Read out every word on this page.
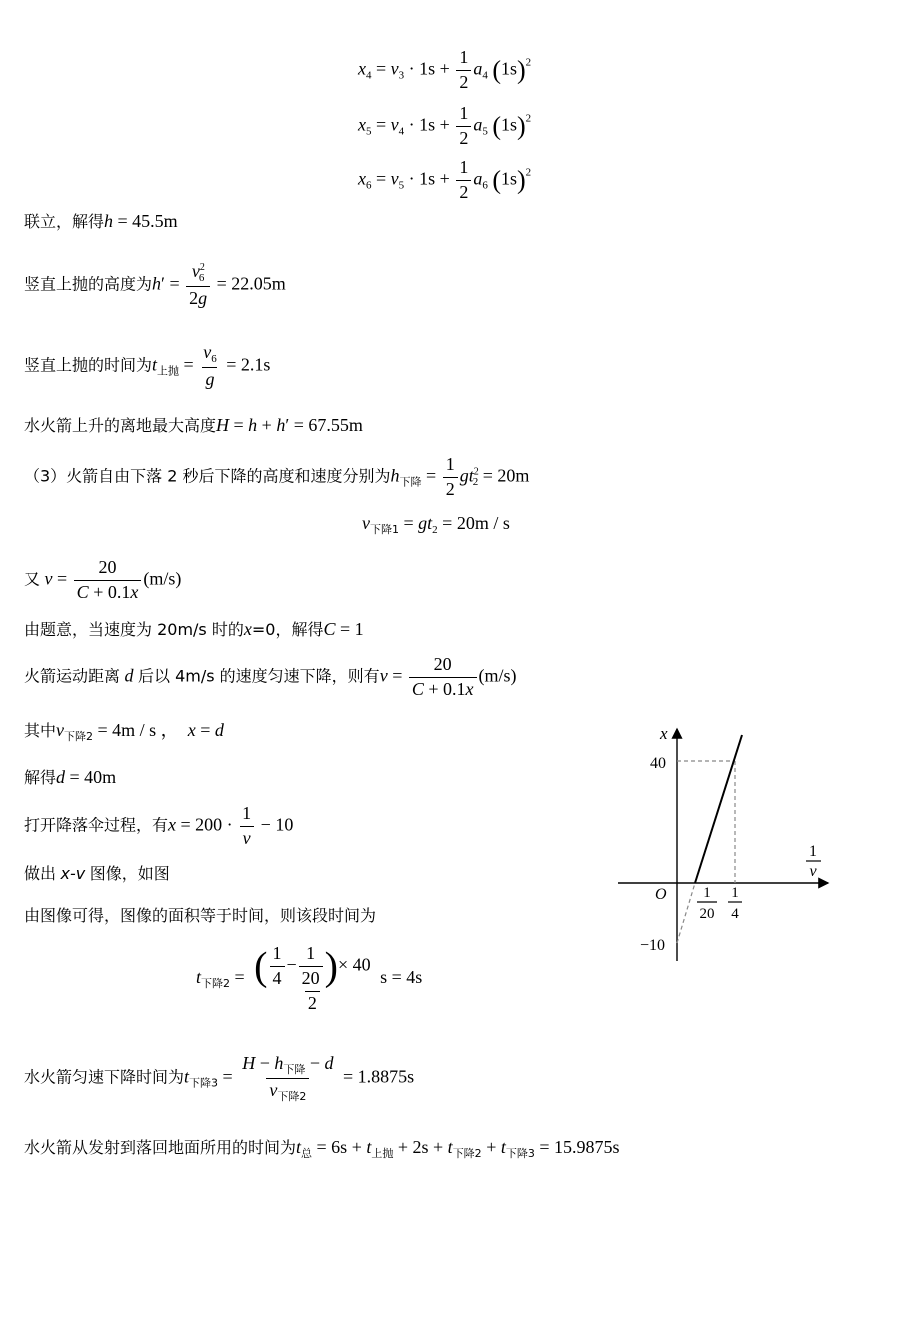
$x_4 = v_3 \cdot 1s + \frac{1}{2} a_4$ $(1s)^2$
$x_5 = v_4 \cdot 1s + \frac{1}{2} a_5$ $(1s)^2$
$x_6 = v_5 \cdot 1s + \frac{1}{2} a_6$ $(1s)^2$
联立，解得h = 45.5m
竖直上抛的高度为$h' = \frac{v^2_6}{2g} = 22.05m$
竖直上抛的时间为$t_{上抛} = \frac{v_6}{g} = 2.1s$
水火箭上升的离地最大高度H = h + h′ = 67.55m
（3）火箭自由下落 2 秒后下降的高度和速度分别为$h_{下降} = \frac{1}{2} gt^2_2 = 20m$
$v_{下降1} = gt_2 = 20m / s$
又 $v = \frac{20}{C + 0.1x} (m/s)$
由题意，当速度为 20m/s 时的x=0，解得C = 1
火箭运动距离 d 后以 4m/s 的速度匀速下降，则有$v = \frac{20}{C + 0.1x} (m/s)$
其中$v_{下降2} = 4m / s$ ， x = d
解得d = 40m
打开降落伞过程，有$x = 200 \cdot \frac{1}{v} - 10$
做出 x-v 图像，如图
由图像可得，图像的面积等于时间，则该段时间为
$t_{下降2} = \frac{( \frac{1}{4} - \frac{1}{20} )\times 40}{2}$ s = 4s
水火箭匀速下降时间为$t_{下降3} = \frac{H - h_{下降} - d}{v_{下降2}} = 1.8875s$
水火箭从发射到落回地面所用的时间为$t_总 = 6s + t_{上抛} + 2s + t_{下降2} + t_{下降3} = 15.9875s$
x
40
−10
O
1
v
1
20
1
4
